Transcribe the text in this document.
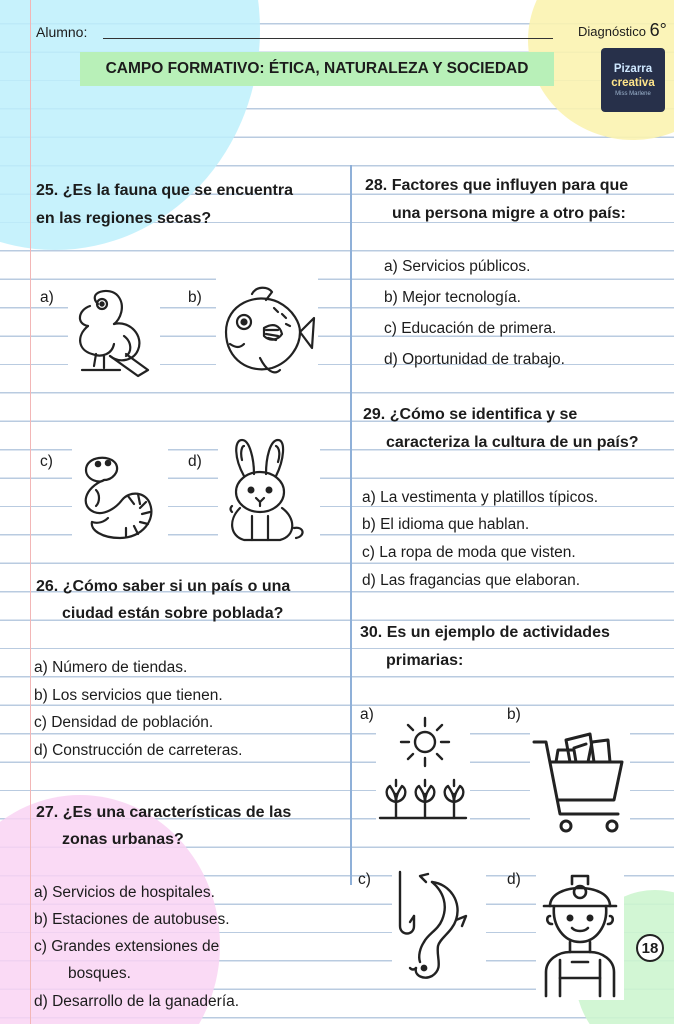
Alumno:	Diagnóstico 6°
CAMPO FORMATIVO: ÉTICA, NATURALEZA Y SOCIEDAD	Pizarra
creativa
Miss Marlene
25. ¿Es la fauna que se encuentra
en las regiones secas?
a)	b)
c)	d)
26. ¿Cómo saber si un país o una
ciudad están sobre poblada?
a) Número de tiendas.
b) Los servicios que tienen.
c) Densidad de población.
d) Construcción de carreteras.
27. ¿Es una características de las
zonas urbanas?
a) Servicios de hospitales.
b) Estaciones de autobuses.
c) Grandes extensiones de
bosques.
d) Desarrollo de la ganadería.
28. Factores que influyen para que
una persona migre a otro país:
a) Servicios públicos.
b) Mejor tecnología.
c) Educación de primera.
d) Oportunidad de trabajo.
29. ¿Cómo se identifica y se
caracteriza la cultura de un país?
a) La vestimenta y platillos típicos.
b) El idioma que hablan.
c) La ropa de moda que visten.
d) Las fragancias que elaboran.
30. Es un ejemplo de actividades
primarias:
a)	b)
c)	d)
18
